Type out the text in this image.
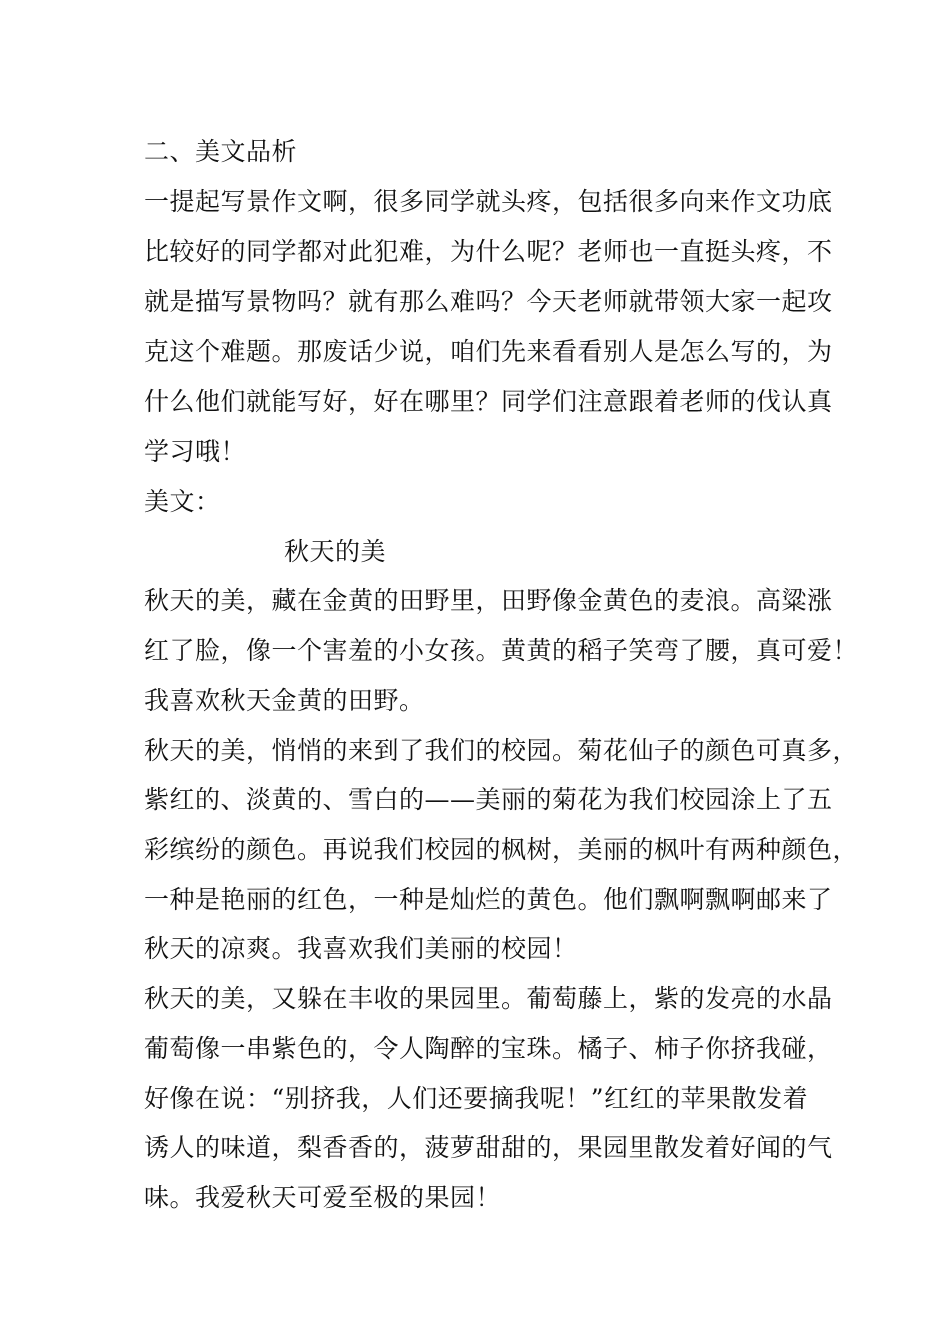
二、美文品析
一提起写景作文啊，很多同学就头疼，包括很多向来作文功底
比较好的同学都对此犯难，为什么呢？老师也一直挺头疼，不
就是描写景物吗？就有那么难吗？今天老师就带领大家一起攻
克这个难题。那废话少说，咱们先来看看别人是怎么写的，为
什么他们就能写好，好在哪里？同学们注意跟着老师的伐认真
学习哦！
美文：
秋天的美
秋天的美，藏在金黄的田野里，田野像金黄色的麦浪。高粱涨
红了脸，像一个害羞的小女孩。黄黄的稻子笑弯了腰，真可爱！
我喜欢秋天金黄的田野。
秋天的美，悄悄的来到了我们的校园。菊花仙子的颜色可真多，
紫红的、淡黄的、雪白的——美丽的菊花为我们校园涂上了五
彩缤纷的颜色。再说我们校园的枫树，美丽的枫叶有两种颜色，
一种是艳丽的红色，一种是灿烂的黄色。他们飘啊飘啊邮来了
秋天的凉爽。我喜欢我们美丽的校园！
秋天的美，又躲在丰收的果园里。葡萄藤上，紫的发亮的水晶
葡萄像一串紫色的，令人陶醉的宝珠。橘子、柿子你挤我碰，
好像在说：“别挤我，人们还要摘我呢！”红红的苹果散发着
诱人的味道，梨香香的，菠萝甜甜的，果园里散发着好闻的气
味。我爱秋天可爱至极的果园！
